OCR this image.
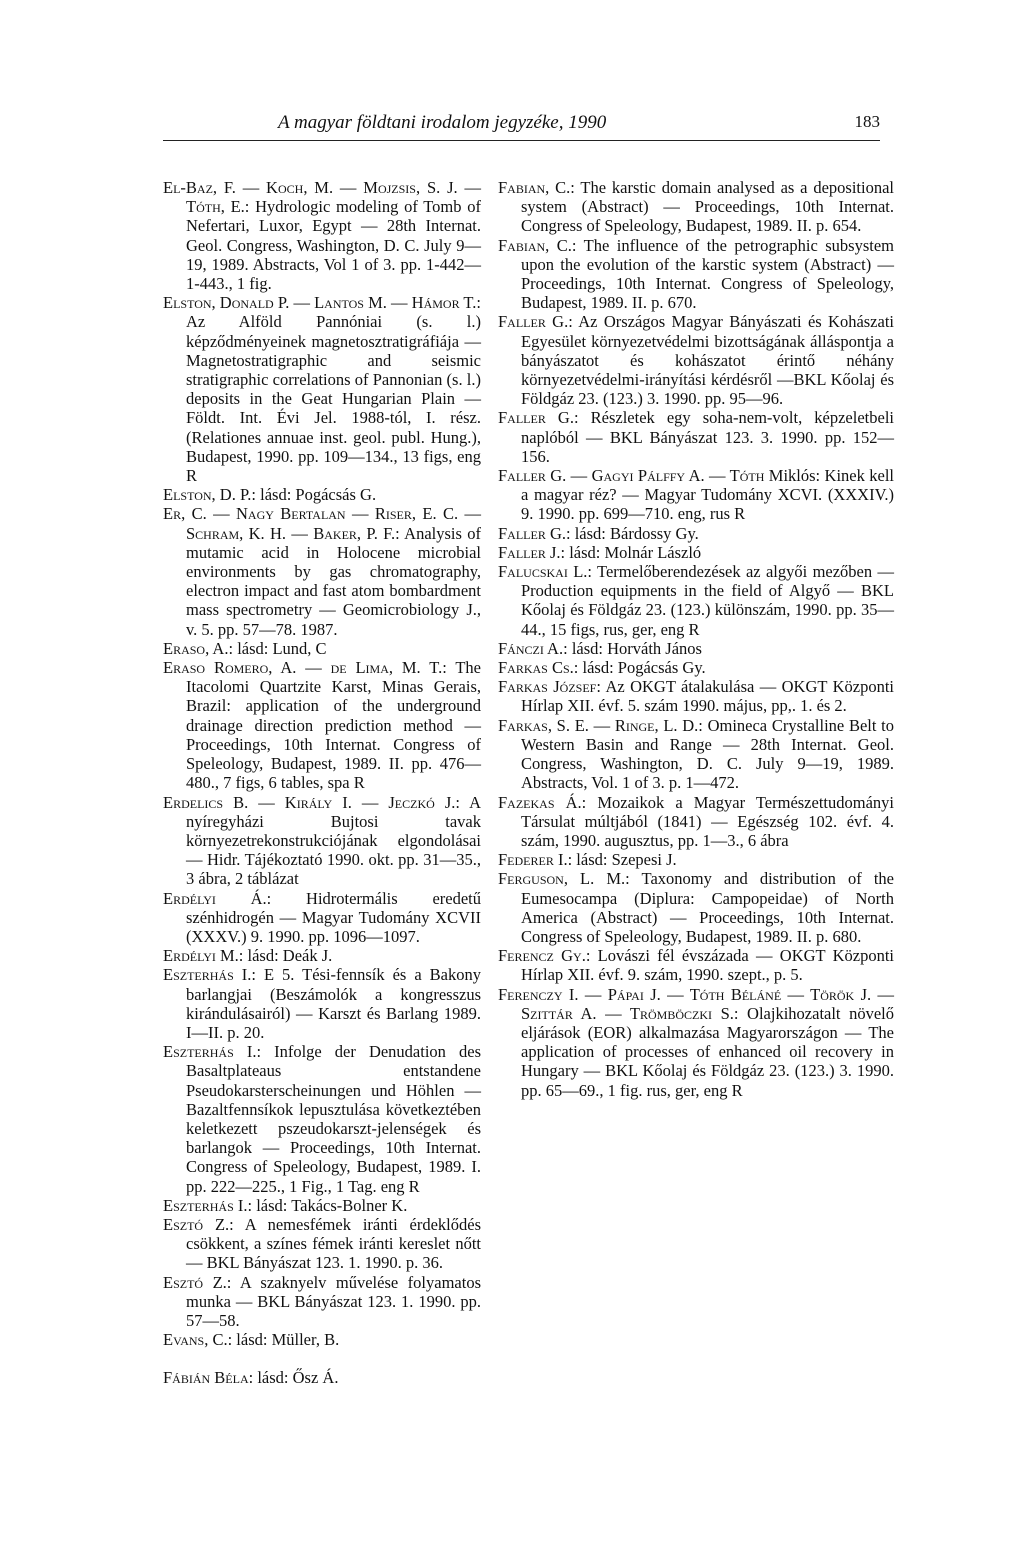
A magyar földtani irodalom jegyzéke, 1990	183

El-Baz, F. — Koch, M. — Mojzsis, S. J. — Tóth, E.: Hydrologic modeling of Tomb of Nefertari, Luxor, Egypt — 28th Internat. Geol. Congress, Washington, D. C. July 9—19, 1989. Abstracts, Vol 1 of 3. pp. 1-442—1-443., 1 fig.

Elston, Donald P. — Lantos M. — Hámor T.: Az Alföld Pannóniai (s. l.) képződményeinek magnetosztratigráfiája — Magnetostratigraphic and seismic stratigraphic correlations of Pannonian (s. l.) deposits in the Geat Hungarian Plain — Földt. Int. Évi Jel. 1988-tól, I. rész. (Relationes annuae inst. geol. publ. Hung.), Budapest, 1990. pp. 109—134., 13 figs, eng R

Elston, D. P.: lásd: Pogácsás G.

Er, C. — Nagy Bertalan — Riser, E. C. — Schram, K. H. — Baker, P. F.: Analysis of mutamic acid in Holocene microbial environments by gas chromatography, electron impact and fast atom bombardment mass spectrometry — Geomicrobiology J., v. 5. pp. 57—78. 1987.

Eraso, A.: lásd: Lund, C

Eraso Romero, A. — de Lima, M. T.: The Itacolomi Quartzite Karst, Minas Gerais, Brazil: application of the underground drainage direction prediction method — Proceedings, 10th Internat. Congress of Speleology, Budapest, 1989. II. pp. 476—480., 7 figs, 6 tables, spa R

Erdelics B. — Király I. — Jeczkó J.: A nyíregyházi Bujtosi tavak környezetrekonstrukciójának elgondolásai — Hidr. Tájékoztató 1990. okt. pp. 31—35., 3 ábra, 2 táblázat

Erdélyi Á.: Hidrotermális eredetű szénhidrogén — Magyar Tudomány XCVII (XXXV.) 9. 1990. pp. 1096—1097.

Erdélyi M.: lásd: Deák J.

Eszterhás I.: E 5. Tési-fennsík és a Bakony barlangjai (Beszámolók a kongresszus kirándulásairól) — Karszt és Barlang 1989. I—II. p. 20.

Eszterhás I.: Infolge der Denudation des Basaltplateaus entstandene Pseudokarsterscheinungen und Höhlen — Bazaltfennsíkok lepusztulása következtében keletkezett pszeudokarszt-jelenségek és barlangok — Proceedings, 10th Internat. Congress of Speleology, Budapest, 1989. I. pp. 222—225., 1 Fig., 1 Tag. eng R

Eszterhás I.: lásd: Takács-Bolner K.

Esztó Z.: A nemesfémek iránti érdeklődés csökkent, a színes fémek iránti kereslet nőtt — BKL Bányászat 123. 1. 1990. p. 36.

Esztó Z.: A szaknyelv művelése folyamatos munka — BKL Bányászat 123. 1. 1990. pp. 57—58.

Evans, C.: lásd: Müller, B.

Fábián Béla: lásd: Ősz Á.

Fabian, C.: The karstic domain analysed as a depositional system (Abstract) — Proceedings, 10th Internat. Congress of Speleology, Budapest, 1989. II. p. 654.

Fabian, C.: The influence of the petrographic subsystem upon the evolution of the karstic system (Abstract) — Proceedings, 10th Internat. Congress of Speleology, Budapest, 1989. II. p. 670.

Faller G.: Az Országos Magyar Bányászati és Kohászati Egyesület környezetvédelmi bizottságának álláspontja a bányászatot és kohászatot érintő néhány környezetvédelmi-irányítási kérdésről —BKL Kőolaj és Földgáz 23. (123.) 3. 1990. pp. 95—96.

Faller G.: Részletek egy soha-nem-volt, képzeletbeli naplóból — BKL Bányászat 123. 3. 1990. pp. 152—156.

Faller G. — Gagyi Pálffy A. — Tóth Miklós: Kinek kell a magyar réz? — Magyar Tudomány XCVI. (XXXIV.) 9. 1990. pp. 699—710. eng, rus R

Faller G.: lásd: Bárdossy Gy.

Faller J.: lásd: Molnár László

Falucskai L.: Termelőberendezések az algyői mezőben — Production equipments in the field of Algyő — BKL Kőolaj és Földgáz 23. (123.) különszám, 1990. pp. 35—44., 15 figs, rus, ger, eng R

Fánczi A.: lásd: Horváth János

Farkas Cs.: lásd: Pogácsás Gy.

Farkas József: Az OKGT átalakulása — OKGT Központi Hírlap XII. évf. 5. szám 1990. május, pp,. 1. és 2.

Farkas, S. E. — Ringe, L. D.: Omineca Crystalline Belt to Western Basin and Range — 28th Internat. Geol. Congress, Washington, D. C. July 9—19, 1989. Abstracts, Vol. 1 of 3. p. 1—472.

Fazekas Á.: Mozaikok a Magyar Természettudományi Társulat múltjából (1841) — Egészség 102. évf. 4. szám, 1990. augusztus, pp. 1—3., 6 ábra

Federer I.: lásd: Szepesi J.

Ferguson, L. M.: Taxonomy and distribution of the Eumesocampa (Diplura: Campopeidae) of North America (Abstract) — Proceedings, 10th Internat. Congress of Speleology, Budapest, 1989. II. p. 680.

Ferencz Gy.: Lovászi fél évszázada — OKGT Központi Hírlap XII. évf. 9. szám, 1990. szept., p. 5.

Ferenczy I. — Pápai J. — Tóth Béláné — Török J. — Szittár A. — Trömböczki S.: Olajkihozatalt növelő eljárások (EOR) alkalmazása Magyarországon — The application of processes of enhanced oil recovery in Hungary — BKL Kőolaj és Földgáz 23. (123.) 3. 1990. pp. 65—69., 1 fig. rus, ger, eng R
